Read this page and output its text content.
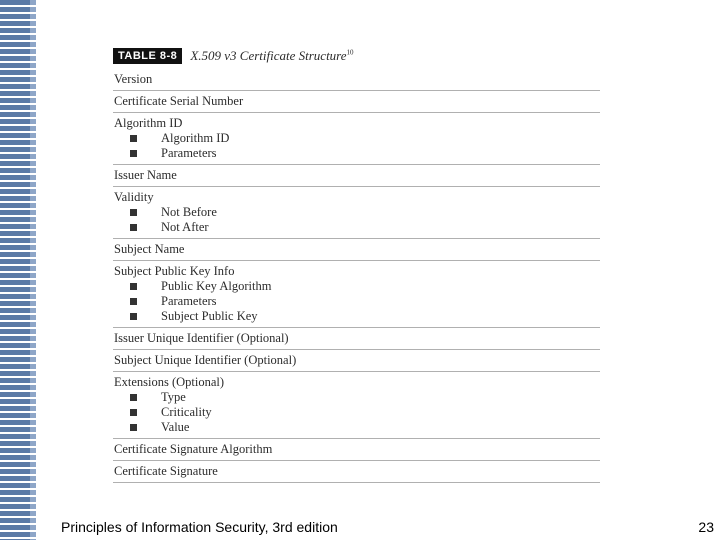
TABLE 8-8	X.509 v3 Certificate Structure$^{10}$
Version
Certificate Serial Number
Algorithm ID
Algorithm ID
Parameters
Issuer Name
Validity
Not Before
Not After
Subject Name
Subject Public Key Info
Public Key Algorithm
Parameters
Subject Public Key
Issuer Unique Identifier (Optional)
Subject Unique Identifier (Optional)
Extensions (Optional)
Type
Criticality
Value
Certificate Signature Algorithm
Certificate Signature
Principles of Information Security, 3rd edition	23
